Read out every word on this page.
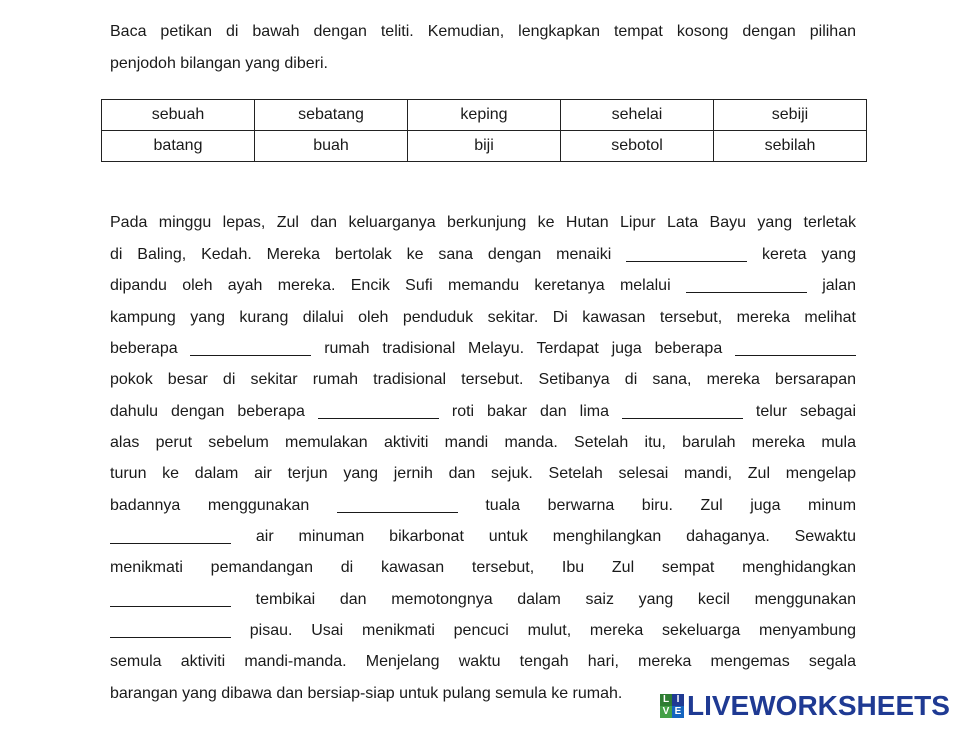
Baca petikan di bawah dengan teliti. Kemudian, lengkapkan tempat kosong dengan pilihan
penjodoh bilangan yang diberi.
sebuah	sebatang	keping	sehelai	sebiji
batang	buah	biji	sebotol	sebilah
Pada minggu lepas, Zul dan keluarganya berkunjung ke Hutan Lipur Lata Bayu yang terletak
di Baling, Kedah. Mereka bertolak ke sana dengan menaiki	kereta yang
dipandu oleh ayah mereka. Encik Sufi memandu keretanya melalui	jalan
kampung yang kurang dilalui oleh penduduk sekitar. Di kawasan tersebut, mereka melihat
beberapa	rumah tradisional Melayu. Terdapat juga beberapa
pokok besar di sekitar rumah tradisional tersebut. Setibanya di sana, mereka bersarapan
dahulu dengan beberapa	roti bakar dan lima	telur sebagai
alas perut sebelum memulakan aktiviti mandi manda. Setelah itu, barulah mereka mula
turun ke dalam air terjun yang jernih dan sejuk. Setelah selesai mandi, Zul mengelap
badannya menggunakan	tuala berwarna biru. Zul juga minum
air minuman bikarbonat untuk menghilangkan dahaganya. Sewaktu
menikmati pemandangan di kawasan tersebut, Ibu Zul sempat menghidangkan
tembikai dan memotongnya dalam saiz yang kecil menggunakan
pisau. Usai menikmati pencuci mulut, mereka sekeluarga menyambung
semula aktiviti mandi-manda. Menjelang waktu tengah hari, mereka mengemas segala
barangan yang dibawa dan bersiap-siap untuk pulang semula ke rumah.	L I
V E LIVEWORKSHEETS
